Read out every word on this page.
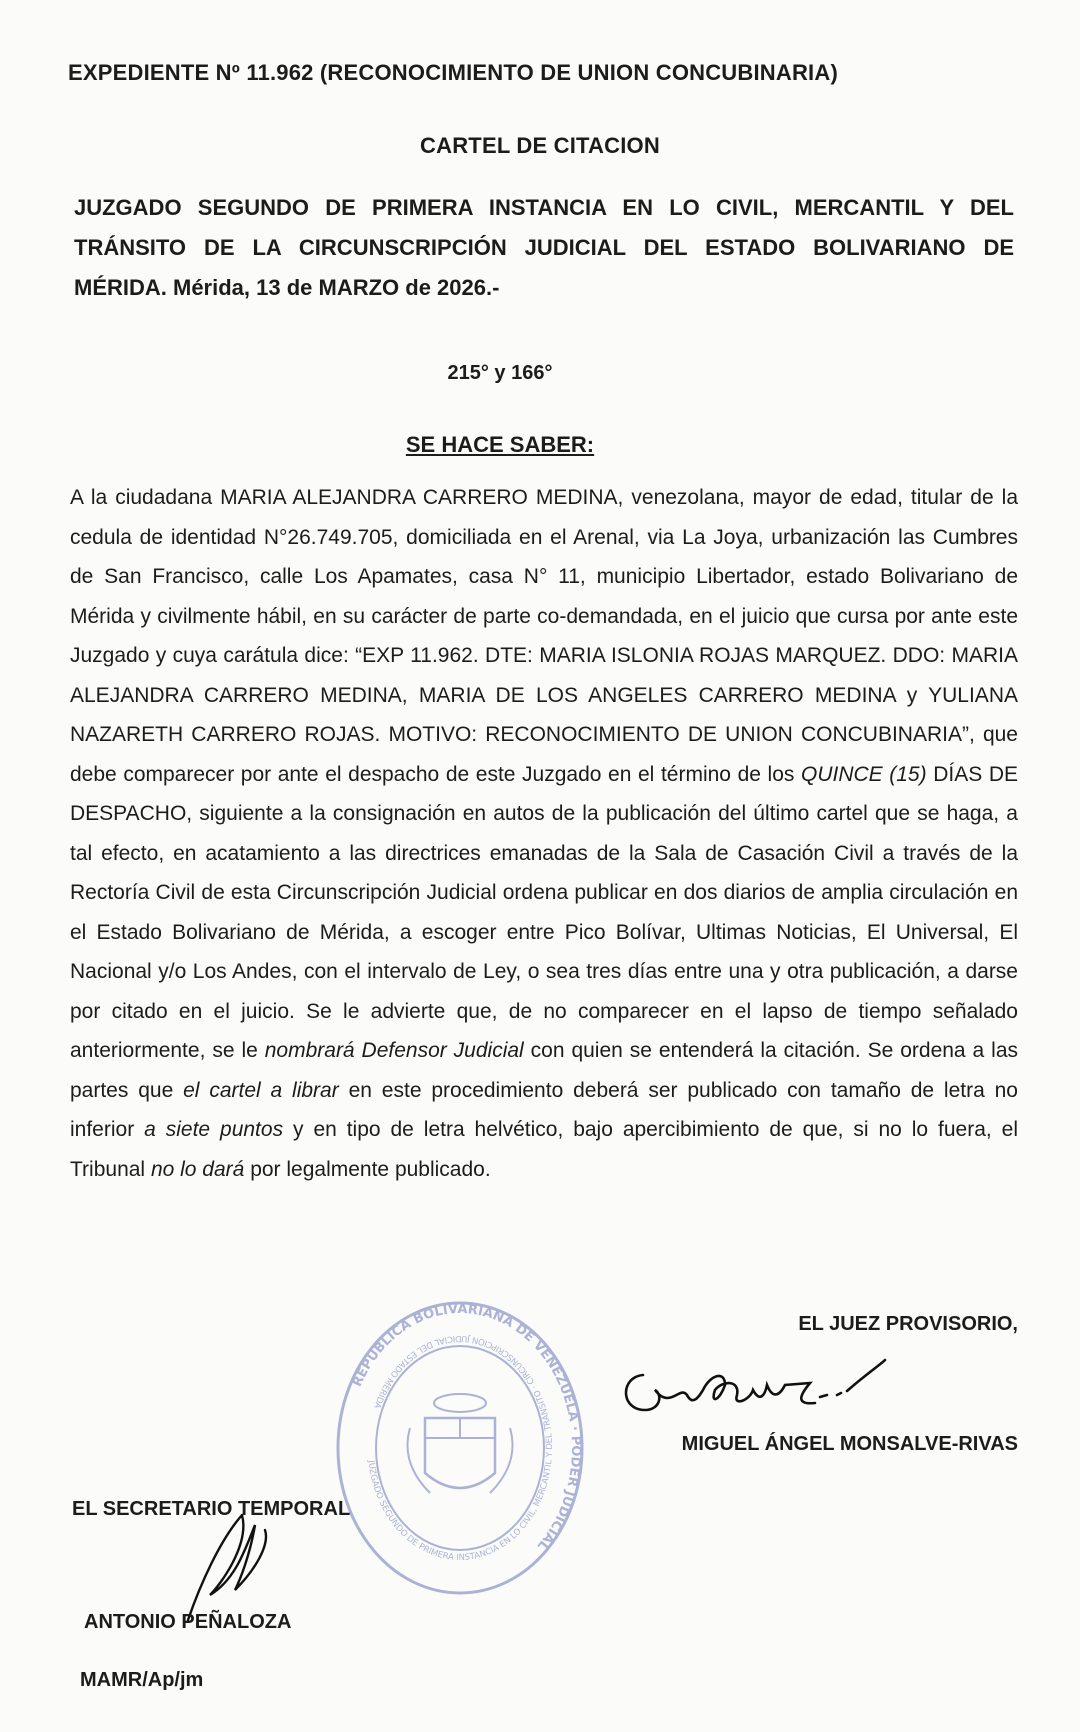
EXPEDIENTE Nº 11.962 (RECONOCIMIENTO DE UNION CONCUBINARIA)
CARTEL DE CITACION
JUZGADO SEGUNDO DE PRIMERA INSTANCIA EN LO CIVIL, MERCANTIL Y DEL TRÁNSITO DE LA CIRCUNSCRIPCIÓN JUDICIAL DEL ESTADO BOLIVARIANO DE MÉRIDA. Mérida, 13 de MARZO de 2026.-
215° y 166°
SE HACE SABER:
A la ciudadana MARIA ALEJANDRA CARRERO MEDINA, venezolana, mayor de edad, titular de la cedula de identidad N°26.749.705, domiciliada en el Arenal, via La Joya, urbanización las Cumbres de San Francisco, calle Los Apamates, casa N° 11, municipio Libertador, estado Bolivariano de Mérida y civilmente hábil, en su carácter de parte co-demandada, en el juicio que cursa por ante este Juzgado y cuya carátula dice: “EXP 11.962. DTE: MARIA ISLONIA ROJAS MARQUEZ. DDO: MARIA ALEJANDRA CARRERO MEDINA, MARIA DE LOS ANGELES CARRERO MEDINA y YULIANA NAZARETH CARRERO ROJAS. MOTIVO: RECONOCIMIENTO DE UNION CONCUBINARIA”, que debe comparecer por ante el despacho de este Juzgado en el término de los QUINCE (15) DÍAS DE DESPACHO, siguiente a la consignación en autos de la publicación del último cartel que se haga, a tal efecto, en acatamiento a las directrices emanadas de la Sala de Casación Civil a través de la Rectoría Civil de esta Circunscripción Judicial ordena publicar en dos diarios de amplia circulación en el Estado Bolivariano de Mérida, a escoger entre Pico Bolívar, Ultimas Noticias, El Universal, El Nacional y/o Los Andes, con el intervalo de Ley, o sea tres días entre una y otra publicación, a darse por citado en el juicio. Se le advierte que, de no comparecer en el lapso de tiempo señalado anteriormente, se le nombrará Defensor Judicial con quien se entenderá la citación. Se ordena a las partes que el cartel a librar en este procedimiento deberá ser publicado con tamaño de letra no inferior a siete puntos y en tipo de letra helvético, bajo apercibimiento de que, si no lo fuera, el Tribunal no lo dará por legalmente publicado.
REPUBLICA BOLIVARIANA DE VENEZUELA · PODER JUDICIAL
JUZGADO SEGUNDO DE PRIMERA INSTANCIA EN LO CIVIL, MERCANTIL Y DEL TRANSITO · CIRCUNSCRIPCION JUDICIAL DEL ESTADO MERIDA
EL JUEZ PROVISORIO,
MIGUEL ÁNGEL MONSALVE-RIVAS
EL SECRETARIO TEMPORAL
ANTONIO PEÑALOZA
MAMR/Ap/jm
